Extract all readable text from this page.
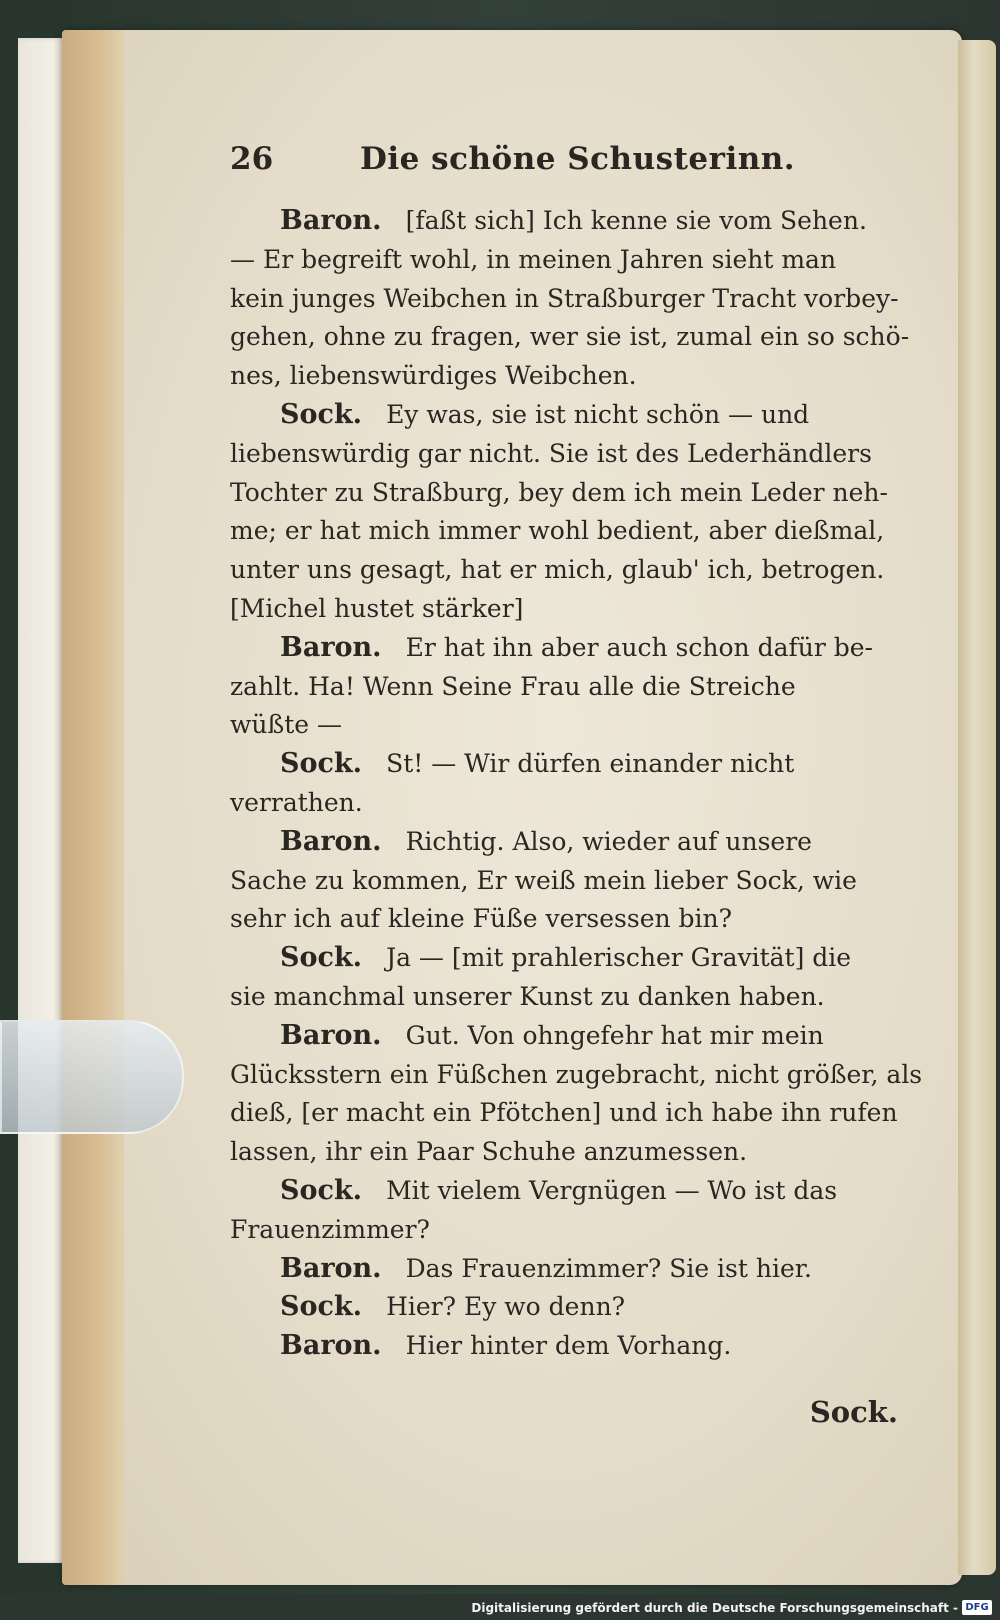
26	Die schöne Schusterinn.
Baron. [faßt sich] Ich kenne sie vom Sehen.
— Er begreift wohl, in meinen Jahren sieht man
kein junges Weibchen in Straßburger Tracht vorbey-
gehen, ohne zu fragen, wer sie ist, zumal ein so schö-
nes, liebenswürdiges Weibchen.
Sock. Ey was, sie ist nicht schön — und
liebenswürdig gar nicht. Sie ist des Lederhändlers
Tochter zu Straßburg, bey dem ich mein Leder neh-
me; er hat mich immer wohl bedient, aber dießmal,
unter uns gesagt, hat er mich, glaub' ich, betrogen.
[Michel hustet stärker]
Baron. Er hat ihn aber auch schon dafür be-
zahlt. Ha! Wenn Seine Frau alle die Streiche
wüßte —
Sock. St! — Wir dürfen einander nicht
verrathen.
Baron. Richtig. Also, wieder auf unsere
Sache zu kommen, Er weiß mein lieber Sock, wie
sehr ich auf kleine Füße versessen bin?
Sock. Ja — [mit prahlerischer Gravität] die
sie manchmal unserer Kunst zu danken haben.
Baron. Gut. Von ohngefehr hat mir mein
Glücksstern ein Füßchen zugebracht, nicht größer, als
dieß, [er macht ein Pfötchen] und ich habe ihn rufen
lassen, ihr ein Paar Schuhe anzumessen.
Sock. Mit vielem Vergnügen — Wo ist das
Frauenzimmer?
Baron. Das Frauenzimmer? Sie ist hier.
Sock. Hier? Ey wo denn?
Baron. Hier hinter dem Vorhang.
Sock.
Digitalisierung gefördert durch die Deutsche Forschungsgemeinschaft - DFG
